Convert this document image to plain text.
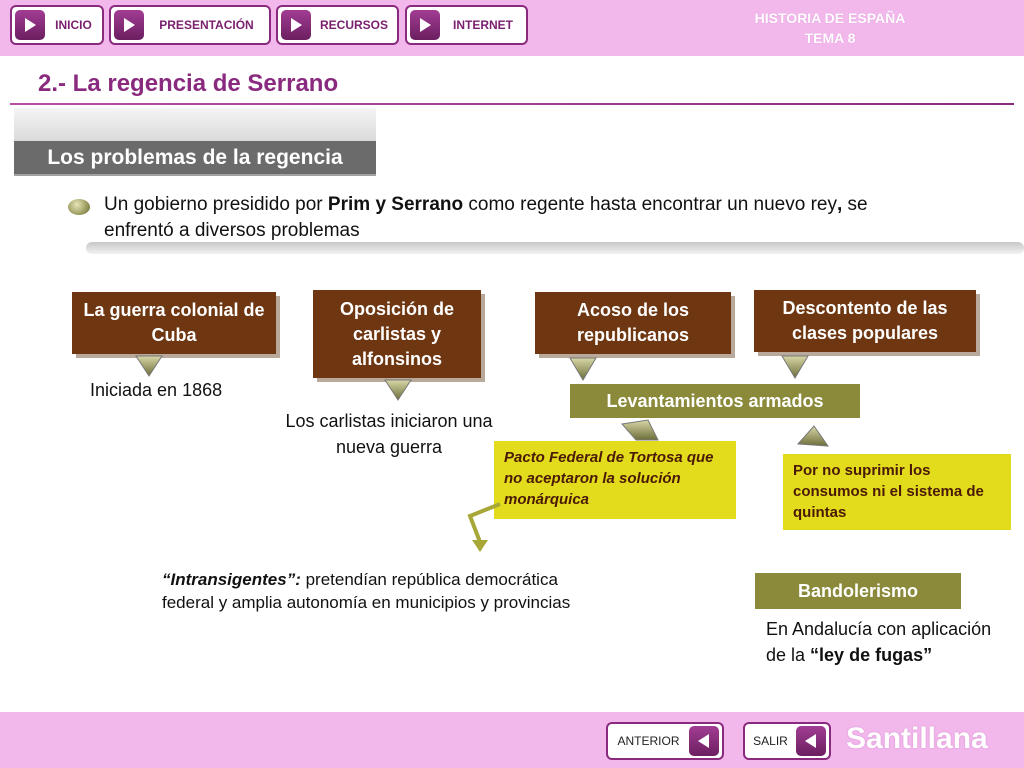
INICIO	PRESENTACIÓN	RECURSOS	INTERNET	HISTORIA DE ESPAÑA
TEMA 8
2.- La regencia de Serrano
Los problemas de la regencia
Un gobierno presidido por Prim y Serrano como regente hasta encontrar un nuevo rey, se enfrentó a diversos problemas
La guerra colonial de Cuba
Oposición de carlistas y alfonsinos
Acoso de los republicanos
Descontento de las clases populares
Iniciada en 1868
Los carlistas iniciaron una nueva guerra
Levantamientos armados
Pacto Federal de Tortosa que no aceptaron la solución monárquica
Por no suprimir los consumos ni el sistema de quintas
“Intransigentes”: pretendían república democrática federal y amplia autonomía en municipios y provincias
Bandolerismo
En Andalucía con aplicación de la “ley de fugas”
ANTERIOR	SALIR Santillana
